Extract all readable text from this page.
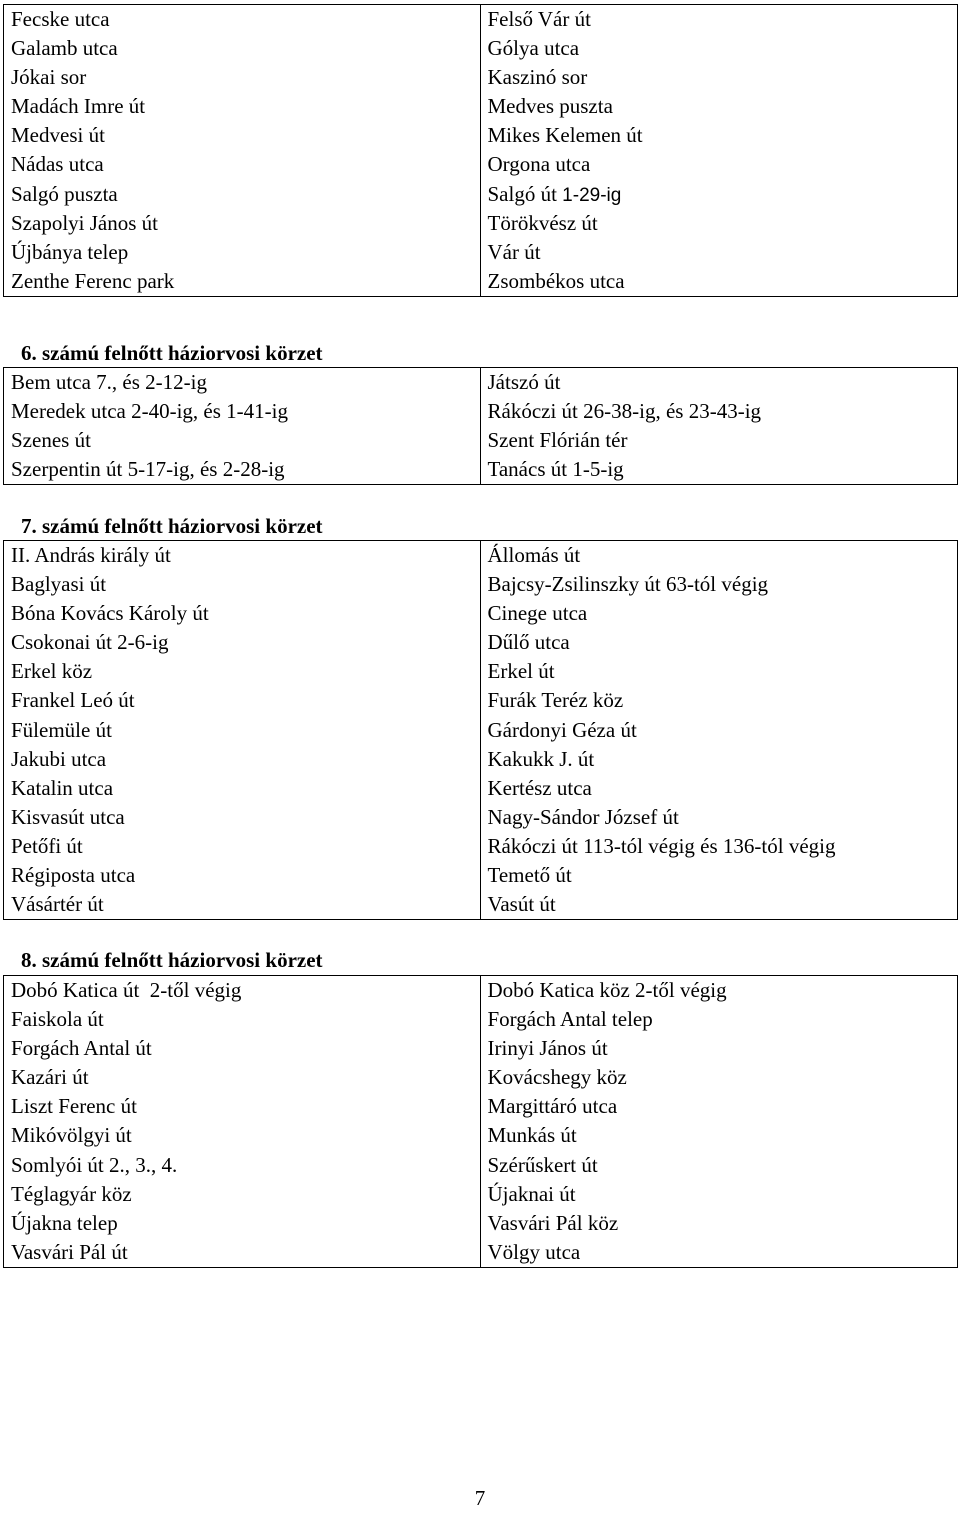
Fecske utca
Galamb utca
Jókai sor
Madách Imre út
Medvesi út
Nádas utca
Salgó puszta
Szapolyi János út
Újbánya telep
Zenthe Ferenc park
Felső Vár út
Gólya utca
Kaszinó sor
Medves puszta
Mikes Kelemen út
Orgona utca
Salgó út 1-29-ig
Törökvész út
Vár út
Zsombékos utca
6. számú felnőtt háziorvosi körzet
Bem utca 7., és 2-12-ig
Meredek utca 2-40-ig, és 1-41-ig
Szenes út
Szerpentin út 5-17-ig, és 2-28-ig
Játszó út
Rákóczi út 26-38-ig, és 23-43-ig
Szent Flórián tér
Tanács út 1-5-ig
7. számú felnőtt háziorvosi körzet
II. András király út
Baglyasi út
Bóna Kovács Károly út
Csokonai út 2-6-ig
Erkel köz
Frankel Leó út
Fülemüle út
Jakubi utca
Katalin utca
Kisvasút utca
Petőfi út
Régiposta utca
Vásártér út
Állomás út
Bajcsy-Zsilinszky út 63-tól végig
Cinege utca
Dűlő utca
Erkel út
Furák Teréz köz
Gárdonyi Géza út
Kakukk J. út
Kertész utca
Nagy-Sándor József út
Rákóczi út 113-tól végig és 136-tól végig
Temető út
Vasút út
8. számú felnőtt háziorvosi körzet
Dobó Katica út  2-től végig
Faiskola út
Forgách Antal út
Kazári út
Liszt Ferenc út
Mikóvölgyi út
Somlyói út 2., 3., 4.
Téglagyár köz
Újakna telep
Vasvári Pál út
Dobó Katica köz 2-től végig
Forgách Antal telep
Irinyi János út
Kovácshegy köz
Margittáró utca
Munkás út
Szérűskert út
Újaknai út
Vasvári Pál köz
Völgy utca
7
